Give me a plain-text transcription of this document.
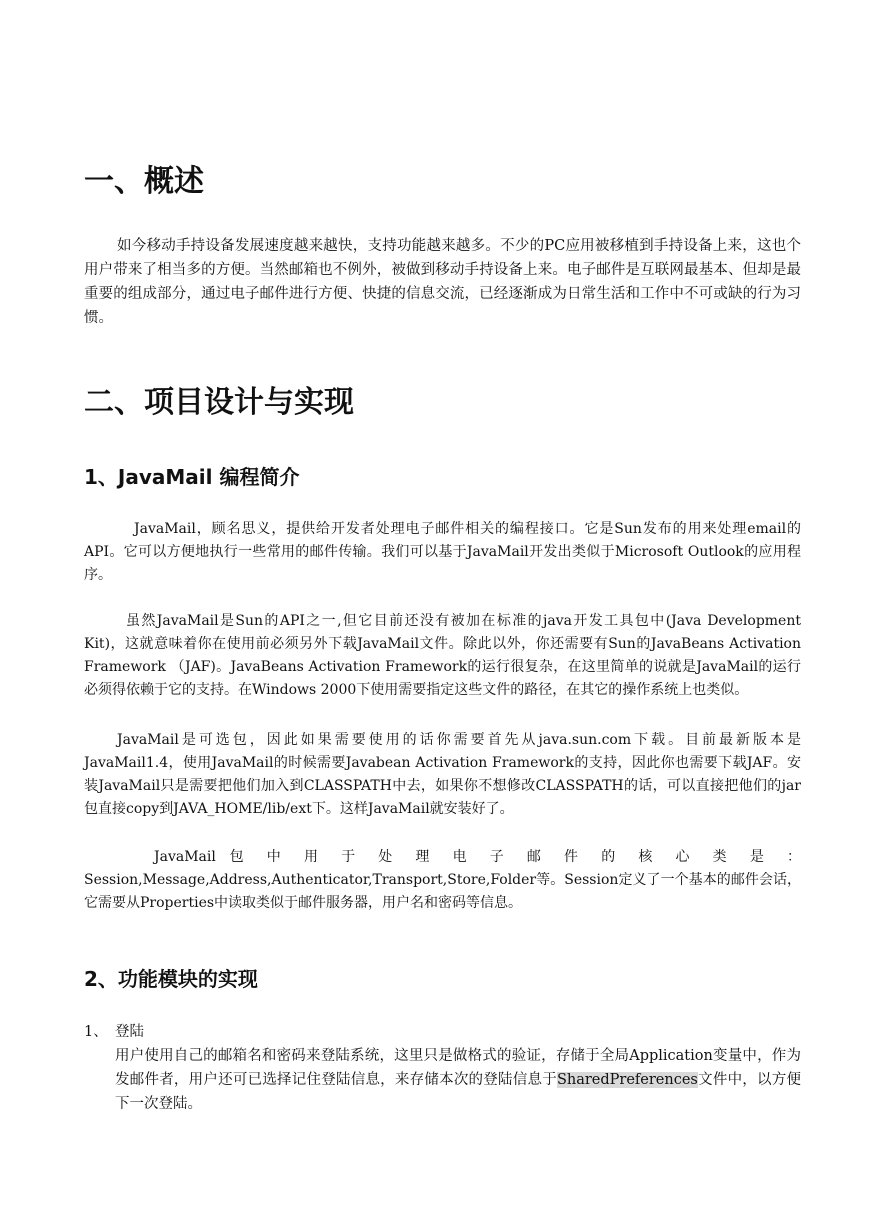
一、概述

如今移动手持设备发展速度越来越快，支持功能越来越多。不少的PC应用被移植到手持设备上来，这也个用户带来了相当多的方便。当然邮箱也不例外，被做到移动手持设备上来。电子邮件是互联网最基本、但却是最重要的组成部分，通过电子邮件进行方便、快捷的信息交流，已经逐渐成为日常生活和工作中不可或缺的行为习惯。

二、项目设计与实现
1、JavaMail 编程简介

JavaMail，顾名思义，提供给开发者处理电子邮件相关的编程接口。它是Sun发布的用来处理email的API。它可以方便地执行一些常用的邮件传输。我们可以基于JavaMail开发出类似于Microsoft Outlook的应用程序。

虽然JavaMail是Sun的API之一,但它目前还没有被加在标准的java开发工具包中(Java Development Kit)，这就意味着你在使用前必须另外下载JavaMail文件。除此以外，你还需要有Sun的JavaBeans Activation Framework （JAF)。JavaBeans Activation Framework的运行很复杂，在这里简单的说就是JavaMail的运行必须得依赖于它的支持。在Windows 2000下使用需要指定这些文件的路径，在其它的操作系统上也类似。

JavaMail是可选包，因此如果需要使用的话你需要首先从java.sun.com下载。目前最新版本是JavaMail1.4，使用JavaMail的时候需要Javabean Activation Framework的支持，因此你也需要下载JAF。安装JavaMail只是需要把他们加入到CLASSPATH中去，如果你不想修改CLASSPATH的话，可以直接把他们的jar包直接copy到JAVA_HOME/lib/ext下。这样JavaMail就安装好了。

JavaMail 包 中 用 于 处 理 电 子 邮 件 的 核 心 类 是 ：

Session,Message,Address,Authenticator,Transport,Store,Folder等。Session定义了一个基本的邮件会话，它需要从Properties中读取类似于邮件服务器，用户名和密码等信息。

2、功能模块的实现
1、 登陆

用户使用自己的邮箱名和密码来登陆系统，这里只是做格式的验证，存储于全局Application变量中，作为发邮件者，用户还可已选择记住登陆信息，来存储本次的登陆信息于SharedPreferences文件中，以方便下一次登陆。
